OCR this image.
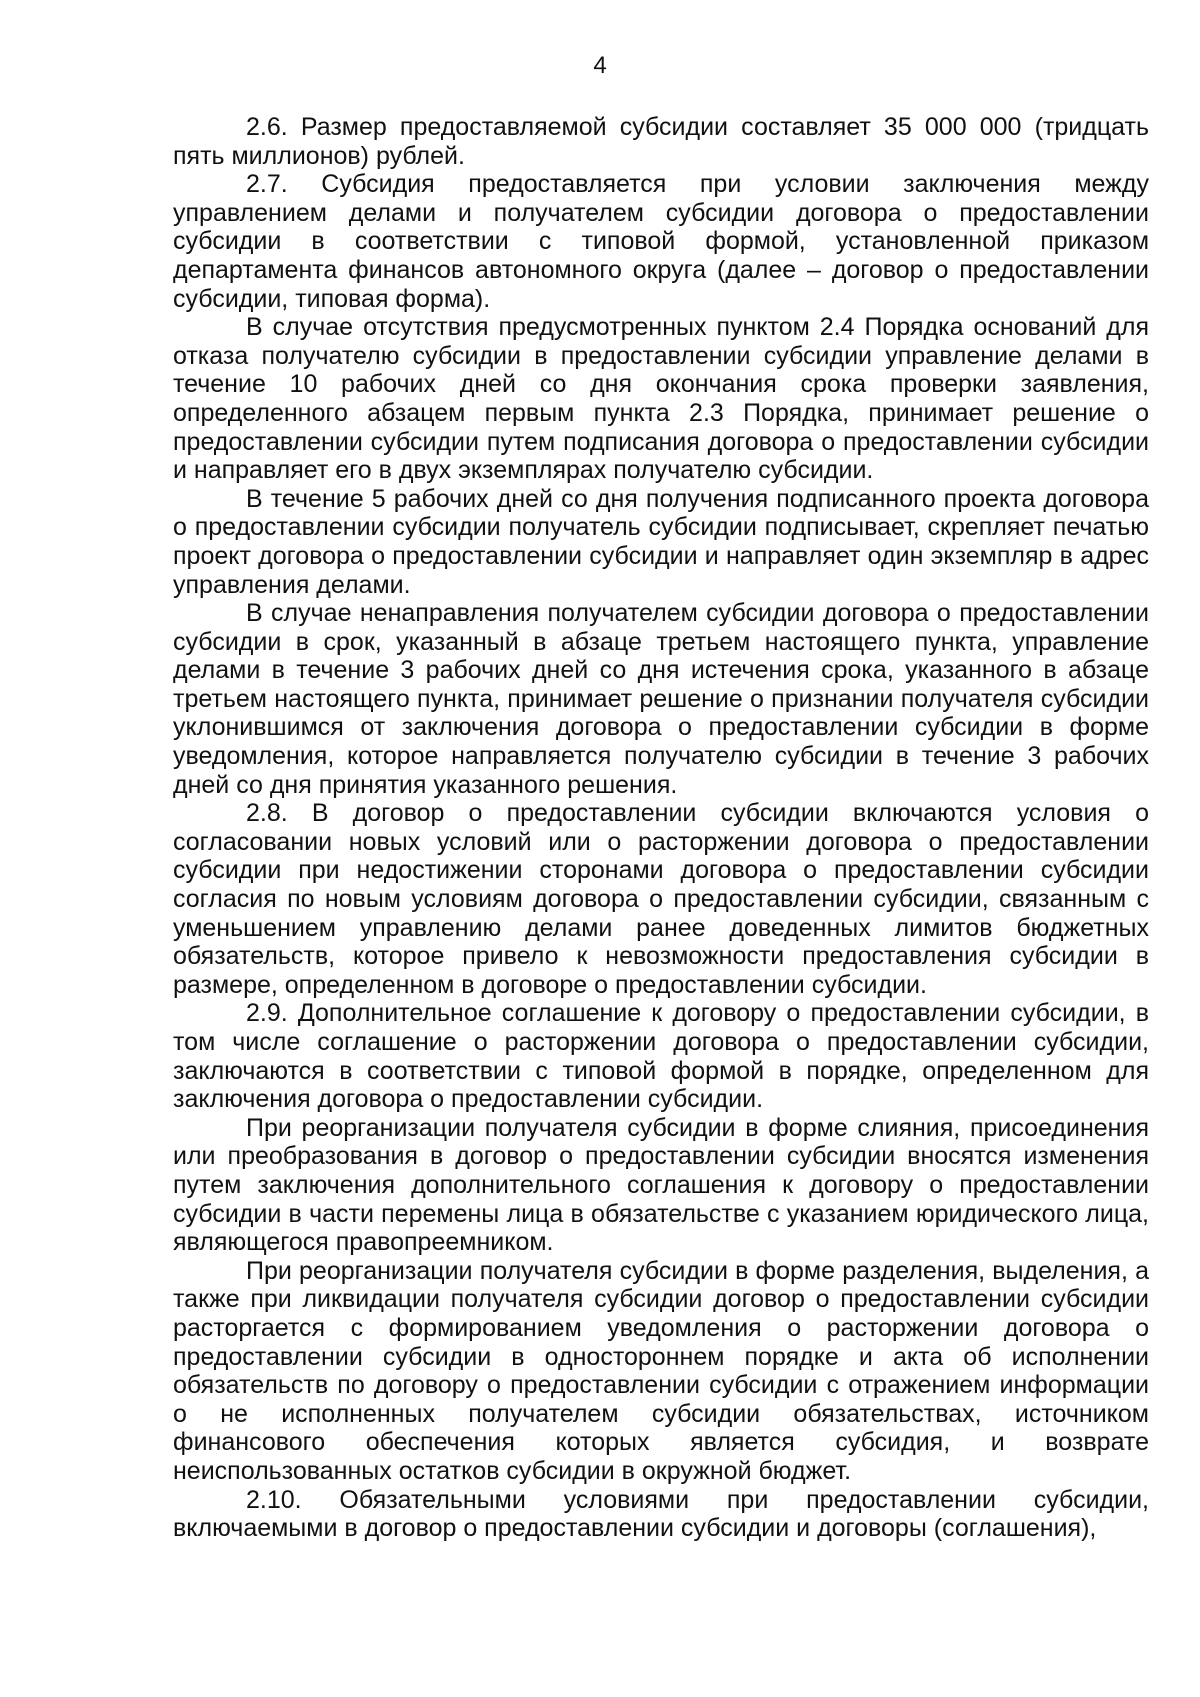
4

2.6. Размер предоставляемой субсидии составляет 35 000 000 (тридцать пять миллионов) рублей.

2.7. Субсидия предоставляется при условии заключения между управлением делами и получателем субсидии договора о предоставлении субсидии в соответствии с типовой формой, установленной приказом департамента финансов автономного округа (далее – договор о предоставлении субсидии, типовая форма).

В случае отсутствия предусмотренных пунктом 2.4 Порядка оснований для отказа получателю субсидии в предоставлении субсидии управление делами в течение 10 рабочих дней со дня окончания срока проверки заявления, определенного абзацем первым пункта 2.3 Порядка, принимает решение о предоставлении субсидии путем подписания договора о предоставлении субсидии и направляет его в двух экземплярах получателю субсидии.

В течение 5 рабочих дней со дня получения подписанного проекта договора о предоставлении субсидии получатель субсидии подписывает, скрепляет печатью проект договора о предоставлении субсидии и направляет один экземпляр в адрес управления делами.

В случае ненаправления получателем субсидии договора о предоставлении субсидии в срок, указанный в абзаце третьем настоящего пункта, управление делами в течение 3 рабочих дней со дня истечения срока, указанного в абзаце третьем настоящего пункта, принимает решение о признании получателя субсидии уклонившимся от заключения договора о предоставлении субсидии в форме уведомления, которое направляется получателю субсидии в течение 3 рабочих дней со дня принятия указанного решения.

2.8. В договор о предоставлении субсидии включаются условия о согласовании новых условий или о расторжении договора о предоставлении субсидии при недостижении сторонами договора о предоставлении субсидии согласия по новым условиям договора о предоставлении субсидии, связанным с уменьшением управлению делами ранее доведенных лимитов бюджетных обязательств, которое привело к невозможности предоставления субсидии в размере, определенном в договоре о предоставлении субсидии.

2.9. Дополнительное соглашение к договору о предоставлении субсидии, в том числе соглашение о расторжении договора о предоставлении субсидии, заключаются в соответствии с типовой формой в порядке, определенном для заключения договора о предоставлении субсидии.

При реорганизации получателя субсидии в форме слияния, присоединения или преобразования в договор о предоставлении субсидии вносятся изменения путем заключения дополнительного соглашения к договору о предоставлении субсидии в части перемены лица в обязательстве с указанием юридического лица, являющегося правопреемником.

При реорганизации получателя субсидии в форме разделения, выделения, а также при ликвидации получателя субсидии договор о предоставлении субсидии расторгается с формированием уведомления о расторжении договора о предоставлении субсидии в одностороннем порядке и акта об исполнении обязательств по договору о предоставлении субсидии с отражением информации о не исполненных получателем субсидии обязательствах, источником финансового обеспечения которых является субсидия, и возврате неиспользованных остатков субсидии в окружной бюджет.

2.10. Обязательными условиями при предоставлении субсидии, включаемыми в договор о предоставлении субсидии и договоры (соглашения),
